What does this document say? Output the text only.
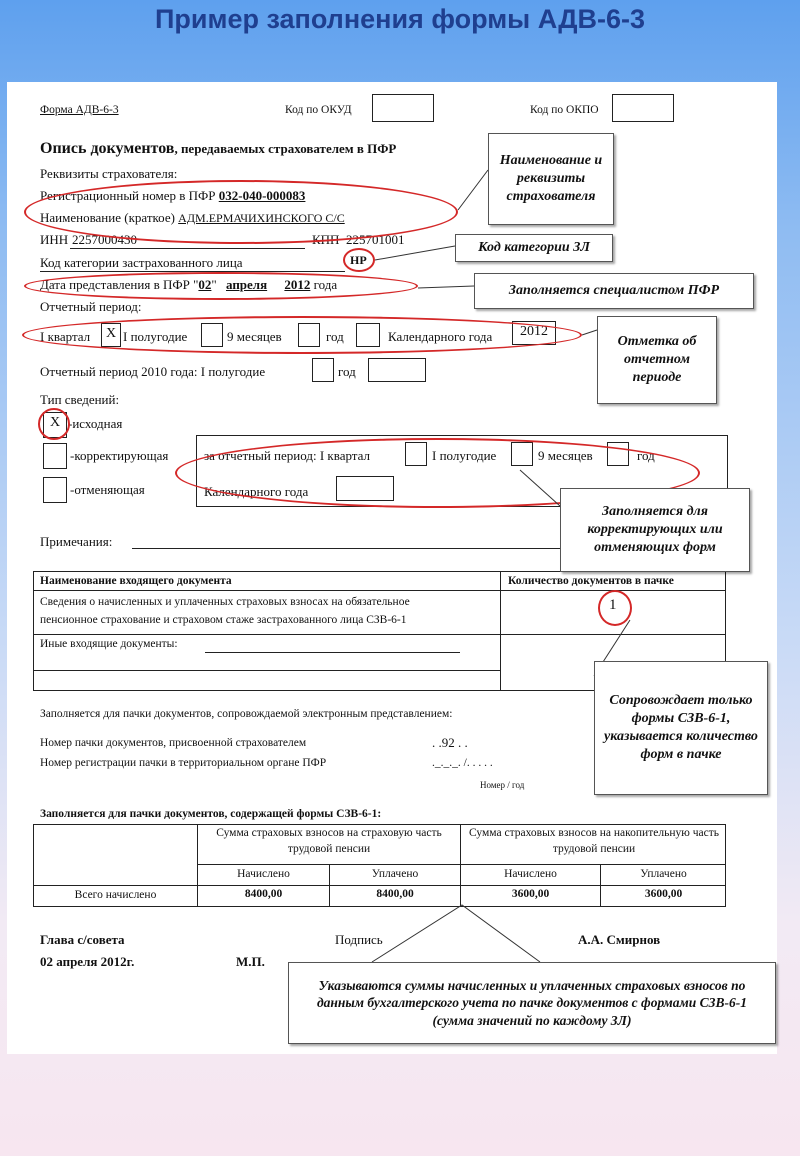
Пример заполнения формы АДВ-6-3
Форма АДВ-6-3	Код по ОКУД	Код по ОКПО
Опись документов, передаваемых страхователем в ПФР
Реквизиты страхователя:
Регистрационный номер в ПФР 032-040-000083
Наименование (краткое) АДМ.ЕРМАЧИХИНСКОГО С/С
ИНН 2257000430	КПП 225701001
Код категории застрахованного лица	НР
Дата представления в ПФР "02" апреля 2012 года
Отчетный период:
I квартал	X I полугодие	9 месяцев	год	Календарного года	2012
Отчетный период 2010 года: I полугодие	год
Тип сведений:
X -исходная
-корректирующая
-отменяющая
за отчетный период: I квартал	I полугодие	9 месяцев	год
Календарного года
Примечания:
Наименование входящего документа	Количество документов в пачке
Сведения о начисленных и уплаченных страховых взносах на обязательное
пенсионное страхование и страховом стаже застрахованного лица СЗВ-6-1
1
Иные входящие документы:
Заполняется для пачки документов, сопровождаемой электронным представлением:
Номер пачки документов, присвоенной страхователем	. .92 . .
Номер регистрации пачки в территориальном органе ПФР	._._._. /. . . . .
Номер / год
Заполняется для пачки документов, содержащей формы СЗВ-6-1:
Сумма страховых взносов на страховую часть трудовой пенсии
Сумма страховых взносов на накопительную часть трудовой пенсии
Начислено	Уплачено	Начислено	Уплачено
Всего начислено	8400,00	8400,00	3600,00	3600,00
Глава с/совета
02 апреля 2012г.	М.П.
Подпись	А.А. Смирнов
Наименование и реквизиты страхователя
Код категории ЗЛ
Заполняется специалистом ПФР
Отметка об отчетном периоде
Заполняется для корректирующих или отменяющих форм
Сопровождает только формы СЗВ-6-1, указывается количество форм в пачке
Указываются суммы начисленных и уплаченных страховых взносов по данным бухгалтерского учета по пачке документов с формами СЗВ-6-1 (сумма значений по каждому ЗЛ)
